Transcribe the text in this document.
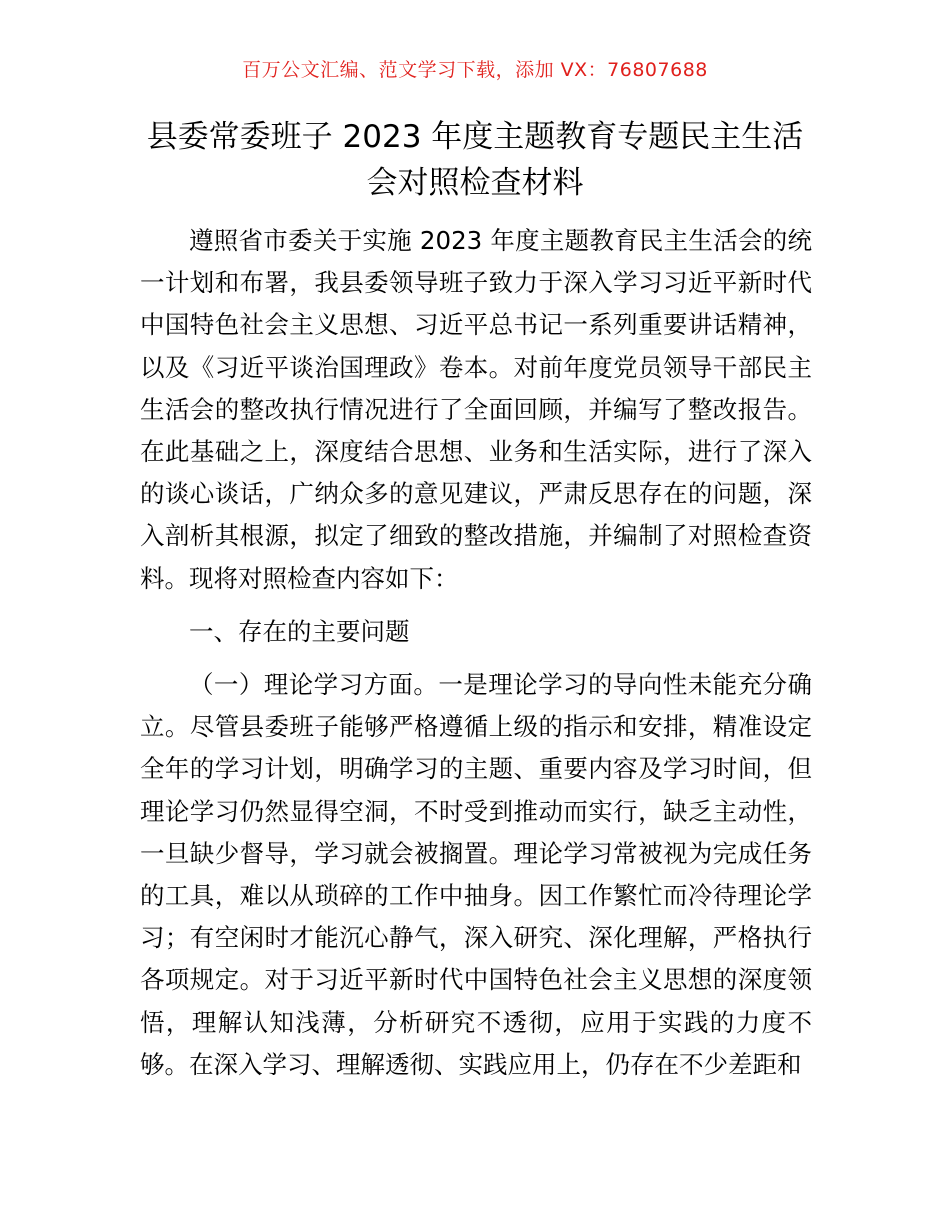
百万公文汇编、范文学习下载，添加 VX：76807688
县委常委班子 2023 年度主题教育专题民主生活会对照检查材料

遵照省市委关于实施 2023 年度主题教育民主生活会的统一计划和布署，我县委领导班子致力于深入学习习近平新时代中国特色社会主义思想、习近平总书记一系列重要讲话精神，以及《习近平谈治国理政》卷本。对前年度党员领导干部民主生活会的整改执行情况进行了全面回顾，并编写了整改报告。在此基础之上，深度结合思想、业务和生活实际，进行了深入的谈心谈话，广纳众多的意见建议，严肃反思存在的问题，深入剖析其根源，拟定了细致的整改措施，并编制了对照检查资料。现将对照检查内容如下：

一、存在的主要问题

（一）理论学习方面。一是理论学习的导向性未能充分确立。尽管县委班子能够严格遵循上级的指示和安排，精准设定全年的学习计划，明确学习的主题、重要内容及学习时间，但理论学习仍然显得空洞，不时受到推动而实行，缺乏主动性，一旦缺少督导，学习就会被搁置。理论学习常被视为完成任务的工具，难以从琐碎的工作中抽身。因工作繁忙而冷待理论学习；有空闲时才能沉心静气，深入研究、深化理解，严格执行各项规定。对于习近平新时代中国特色社会主义思想的深度领悟，理解认知浅薄，分析研究不透彻，应用于实践的力度不够。在深入学习、理解透彻、实践应用上，仍存在不少差距和
